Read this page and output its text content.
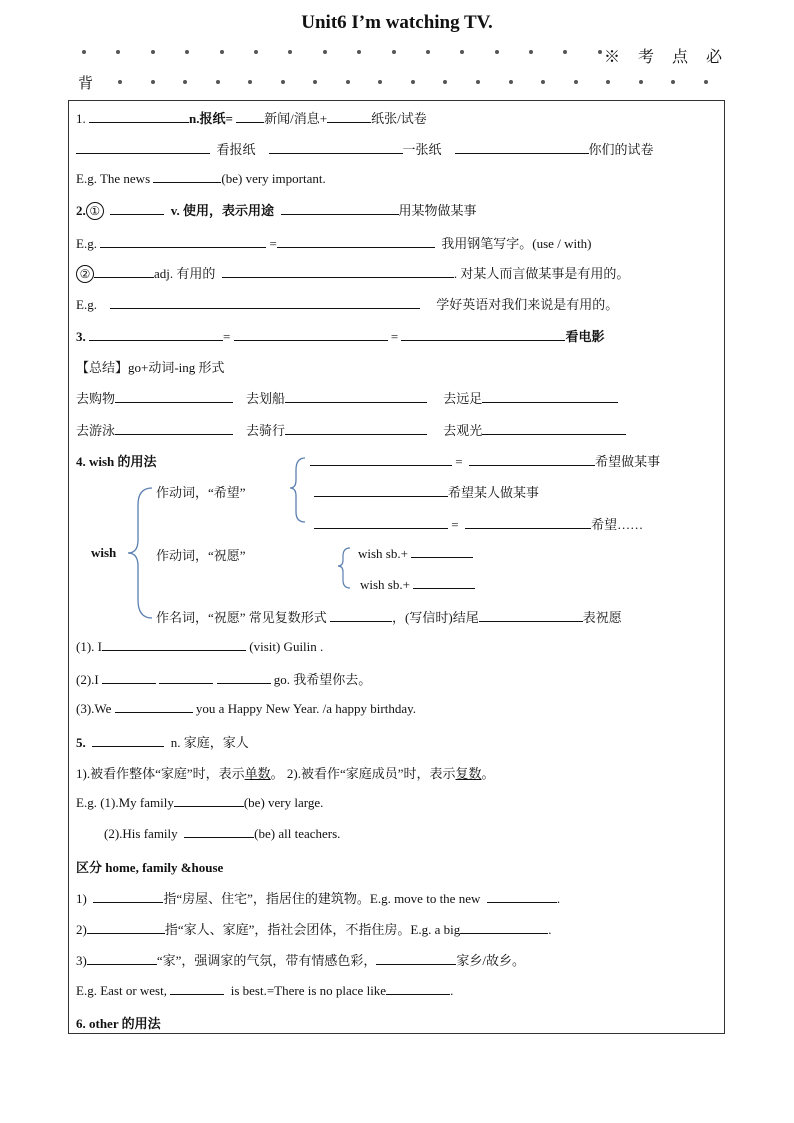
Unit6 I’m watching TV.
※考点必
背
1.	n.报纸= 新闻/消息+	纸张/试卷
看报纸	一张纸	你们的试卷
E.g. The news	(be) very important.
2. ①	v. 使用，表示用途	用某物做某事
E.g.	=	我用钢笔写字。(use / with)
②	adj. 有用的	. 对某人而言做某事是有用的。
E.g.	学好英语对我们来说是有用的。
3.	=	=	看电影
【总结】go+动词-ing 形式
去购物	去划船	去远足
去游泳	去骑行	去观光
4. wish 的用法	=	希望做某事
作动词，“希望”	希望某人做某事
=	希望……
wish	作动词，“祝愿”	wish sb.+
wish sb.+
作名词，“祝愿” 常见复数形式	，(写信时)结尾	表祝愿
(1). I	(visit) Guilin .
(2).I	go. 我希望你去。
(3).We	you a Happy New Year. /a happy birthday.
5.	n. 家庭，家人
1).被看作整体“家庭”时，表示单数。 2).被看作“家庭成员”时，表示复数。
E.g. (1).My family	(be) very large.
(2).His family	(be) all teachers.
区分 home, family &house
1)	指“房屋、住宅”，指居住的建筑物。E.g. move to the new	.
2)	指“家人、家庭”，指社会团体，不指住房。E.g. a big	.
3)	“家”，强调家的气氛，带有情感色彩，	家乡/故乡。
E.g. East or west,	is best.=There is no place like	.
6. other 的用法
